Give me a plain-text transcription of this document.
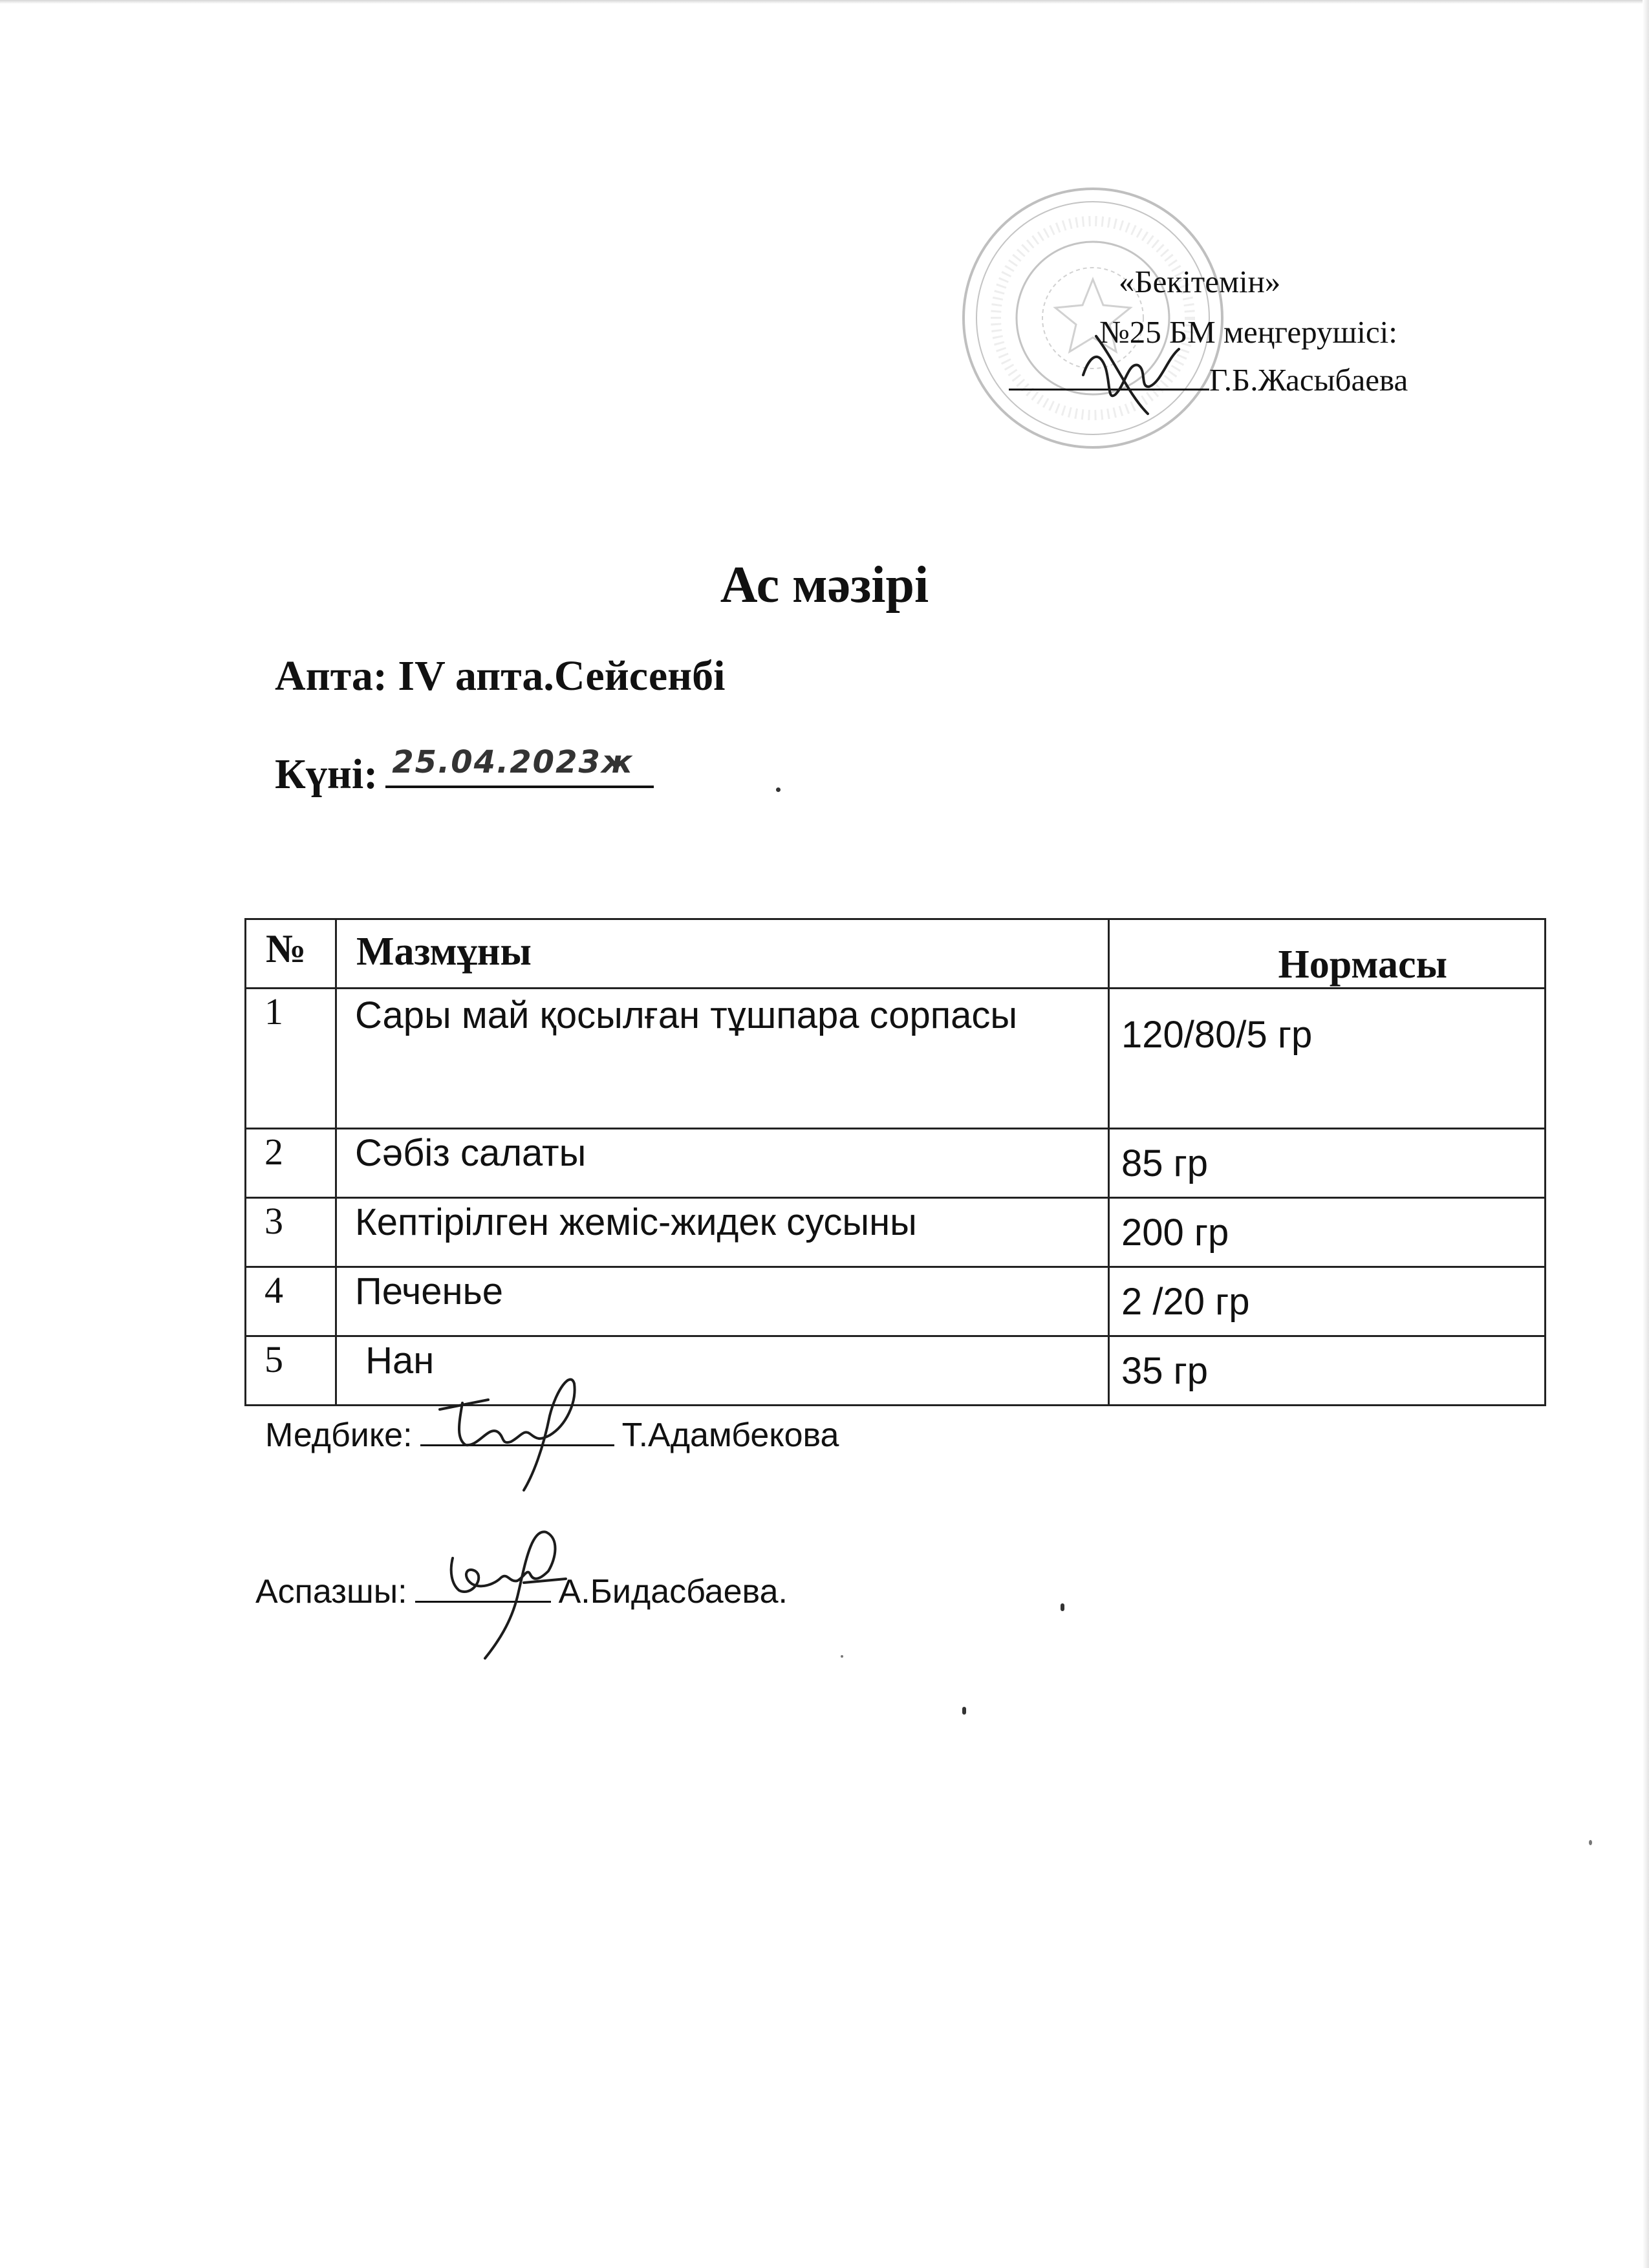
«Бекітемін»
№25 БМ меңгерушісі:
Г.Б.Жасыбаева
Ас мәзірі
Апта: IV апта.Сейсенбі
Күні: 25.04.2023ж
№	Мазмұны	Нормасы
1	Сары май қосылған тұшпара сорпасы	120/80/5 гр
2	Сәбіз салаты	85 гр
3	Кептірілген жеміс-жидек сусыны	200 гр
4	Печенье	2 /20 гр
5	Нан	35 гр
Медбике:	Т.Адамбекова
Аспазшы:	А.Бидасбаева.
